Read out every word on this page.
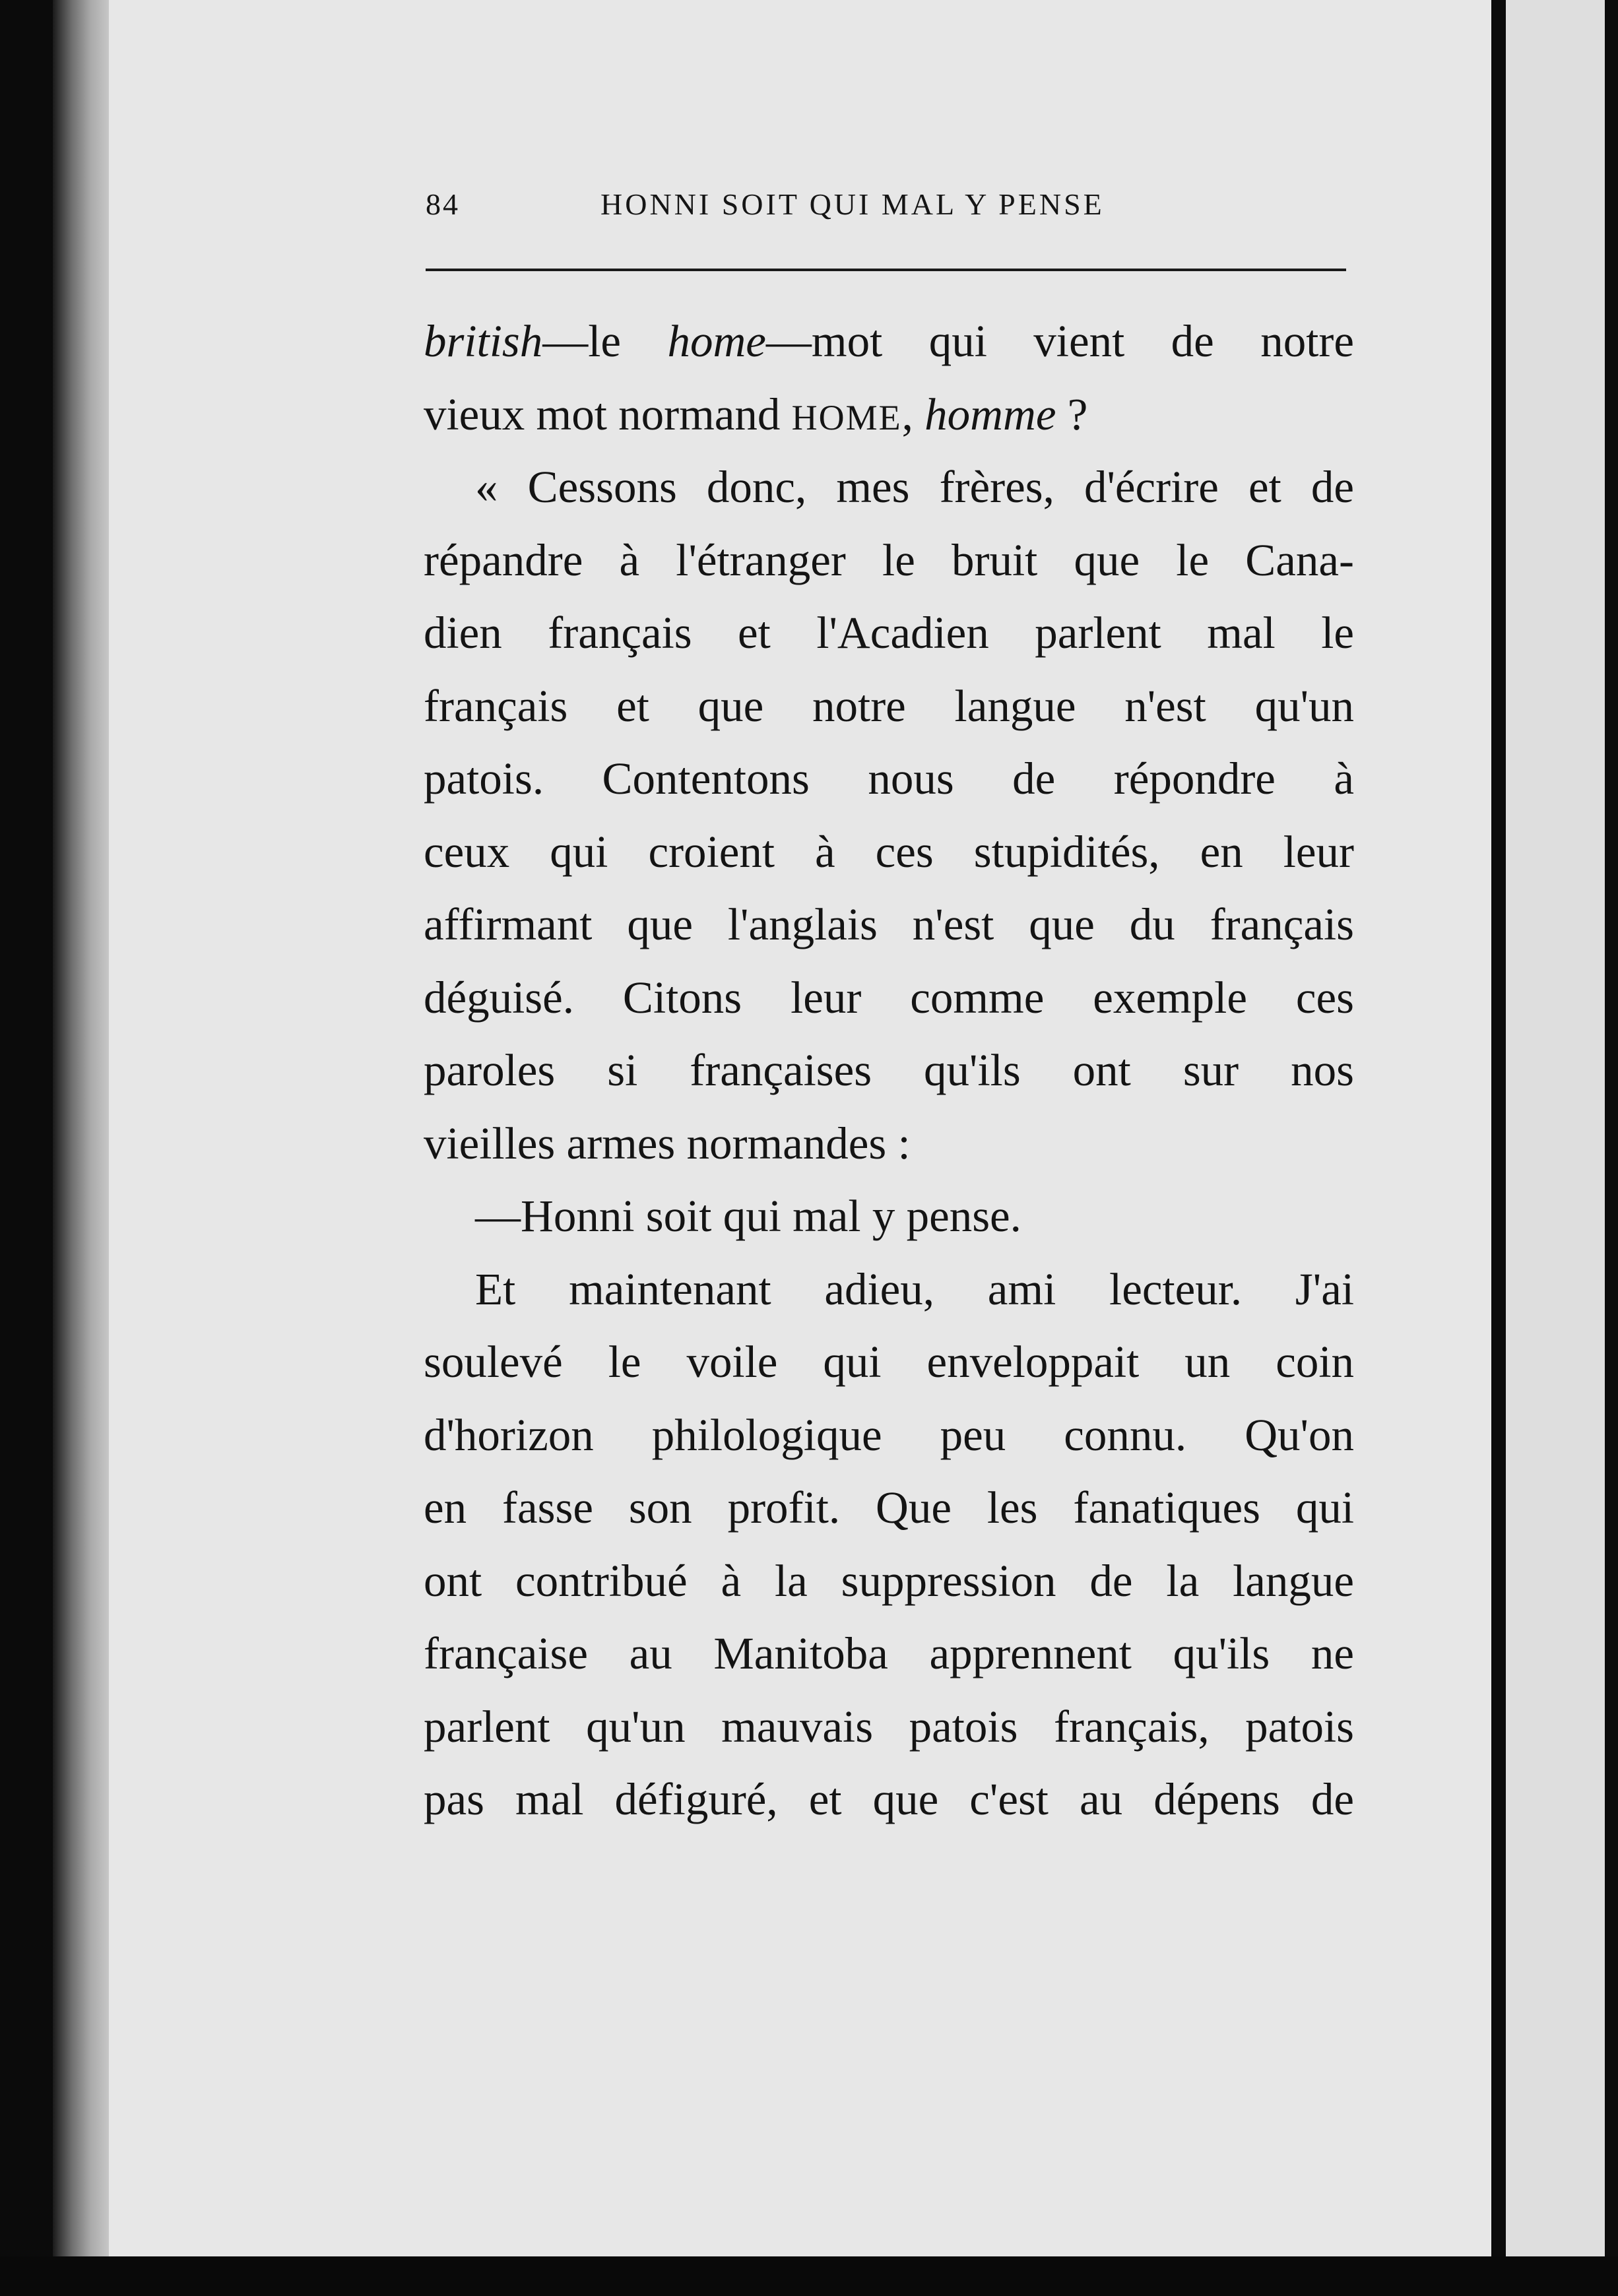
84	HONNI SOIT QUI MAL Y PENSE
british—le home—mot qui vient de notre
vieux mot normand HOME, homme ?
« Cessons donc, mes frères, d'écrire et de
répandre à l'étranger le bruit que le Cana-
dien français et l'Acadien parlent mal le
français et que notre langue n'est qu'un
patois. Contentons nous de répondre à
ceux qui croient à ces stupidités, en leur
affirmant que l'anglais n'est que du français
déguisé. Citons leur comme exemple ces
paroles si françaises qu'ils ont sur nos
vieilles armes normandes :
—Honni soit qui mal y pense.
Et maintenant adieu, ami lecteur. J'ai
soulevé le voile qui enveloppait un coin
d'horizon philologique peu connu. Qu'on
en fasse son profit. Que les fanatiques qui
ont contribué à la suppression de la langue
française au Manitoba apprennent qu'ils ne
parlent qu'un mauvais patois français, patois
pas mal défiguré, et que c'est au dépens de
